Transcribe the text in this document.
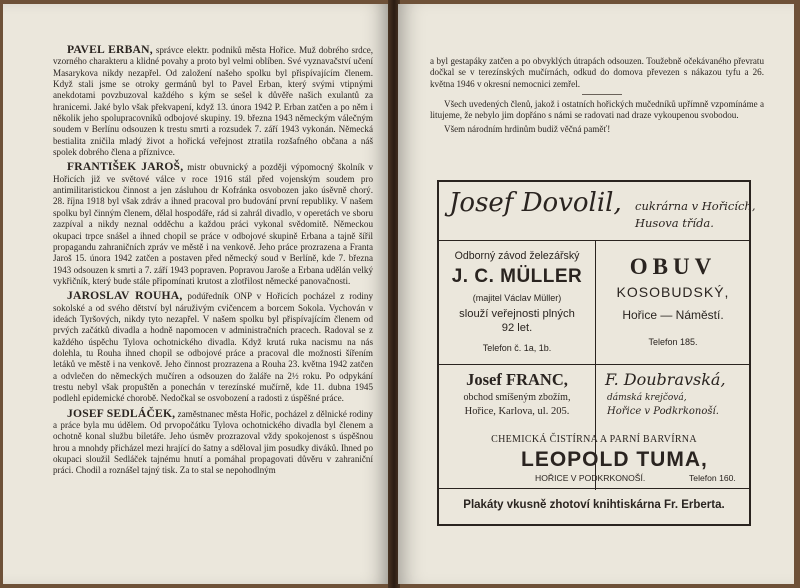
PAVEL ERBAN, správce elektr. podniků města Hořice. Muž dobrého srdce, vzorného charakteru a klidné povahy a proto byl velmi oblíben. Své vyznavačství učení Masarykova nikdy nezapřel. Od založení našeho spolku byl přispívajícím členem. Když stali jsme se otroky germánů byl to Pavel Erban, který svými vtipnými anekdotami povzbuzoval každého s kým se sešel k důvěře našich exulantů za hranicemi. Jaké bylo však překvapení, když 13. února 1942 P. Erban zatčen a po něm i několik jeho spolupracovníků odbojové skupiny. 19. března 1943 německým válečným soudem v Berlínu odsouzen k trestu smrti a rozsudek 7. září 1943 vykonán. Německá bestialita zničila mladý život a hořická veřejnost ztratila rozšafného občana a náš spolek dobrého člena a příznivce.

FRANTIŠEK JAROŠ, mistr obuvnický a později výpomocný školník v Hořicích již ve světové válce v roce 1916 stál před vojenským soudem pro antimilitaristickou činnost a jen zásluhou dr Kofránka osvobozen jako úsěvně chorý. 28. října 1918 byl však zdráv a ihned pracoval pro budování první republiky. V našem spolku byl činným členem, dělal hospodáře, rád si zahrál divadlo, v operetách ve sboru zazpíval a nikdy neznal odděchu a každou práci vykonal svědomitě. Německou okupaci trpce snášel a ihned chopil se práce v odbojové skupině Erbana a tajně šířil propagandu zahraničních zpráv ve městě i na venkově. Jeho práce prozrazena a Franta Jaroš 15. února 1942 zatčen a postaven před německý soud v Berlíně, kde 7. března 1943 odsouzen k smrti a 7. září 1943 popraven. Popravou Jaroše a Erbana udělán velký vykřičník, který bude stále připomínati krutost a zlotřilost německé panovačnosti.

JAROSLAV ROUHA, podúředník ONP v Hořicích pocházel z rodiny sokolské a od svého dětství byl náruživým cvičencem a borcem Sokola. Vychován v ideách Tyršových, nikdy tyto nezapřel. V našem spolku byl přispívajícím členem od prvých začátků divadla a hodně napomocen v administračních pracech. Radoval se z každého úspěchu Tylova ochotnického divadla. Když krutá ruka nacismu na nás dolehla, tu Rouha ihned chopil se odbojové práce a pracoval dle možnosti šířením letáků ve městě i na venkově. Jeho činnost prozrazena a Rouha 23. května 1942 zatčen a odvlečen do německých mučíren a odsouzen do žaláře na 2½ roku. Po odpykání trestu nebyl však propuštěn a ponechán v terezínské mučírně, kde 11. dubna 1945 podlehl epidemické chorobě. Nedočkal se osvobození a radosti z úspěšné práce.

JOSEF SEDLÁČEK, zaměstnanec města Hořic, pocházel z dělnické rodiny a práce byla mu údělem. Od prvopočátku Tylova ochotnického divadla byl členem a ochotně konal službu biletáře. Jeho úsměv prozrazoval vždy spokojenost s úspěšnou hrou a mnohdy přicházel mezi hrající do šatny a sděloval jim posudky diváků. Ihned po okupaci sloužil Sedláček tajnému hnutí a pomáhal propagovati důvěru v zahraniční práci. Chodil a roznášel tajný tisk. Za to stal se nepohodlným

a byl gestapáky zatčen a po obvyklých útrapách odsouzen. Toužebně očekávaného převratu dočkal se v terezínských mučírnách, odkud do domova převezen s nákazou tyfu a 26. května 1946 v okresní nemocnici zemřel.

Všech uvedených členů, jakož i ostatních hořických mučedníků upřímně vzpomínáme a litujeme, že nebylo jim dopřáno s námi se radovati nad draze vykoupenou svobodou.

Všem národním hrdinům budiž věčná paměť!

Josef Dovolil, cukrárna v Hořicích,
Husova třída.
Odborný závod železářský
J. C. MÜLLER
(majitel Václav Müller)
slouží veřejnosti plných
92 let.
Telefon č. 1a, 1b.
OBUV
KOSOBUDSKÝ,
Hořice — Náměstí.
Telefon 185.
Josef FRANC,
obchod smíšeným zbožím,
Hořice, Karlova, ul. 205.
F. Doubravská,
dámská krejčová,
Hořice v Podkrkonoší.
CHEMICKÁ ČISTÍRNA A PARNÍ BARVÍRNA
LEOPOLD TUMA,
HOŘICE V PODKRKONOŠÍ.	Telefon 160.
Plakáty vkusně zhotoví knihtiskárna Fr. Erberta.
